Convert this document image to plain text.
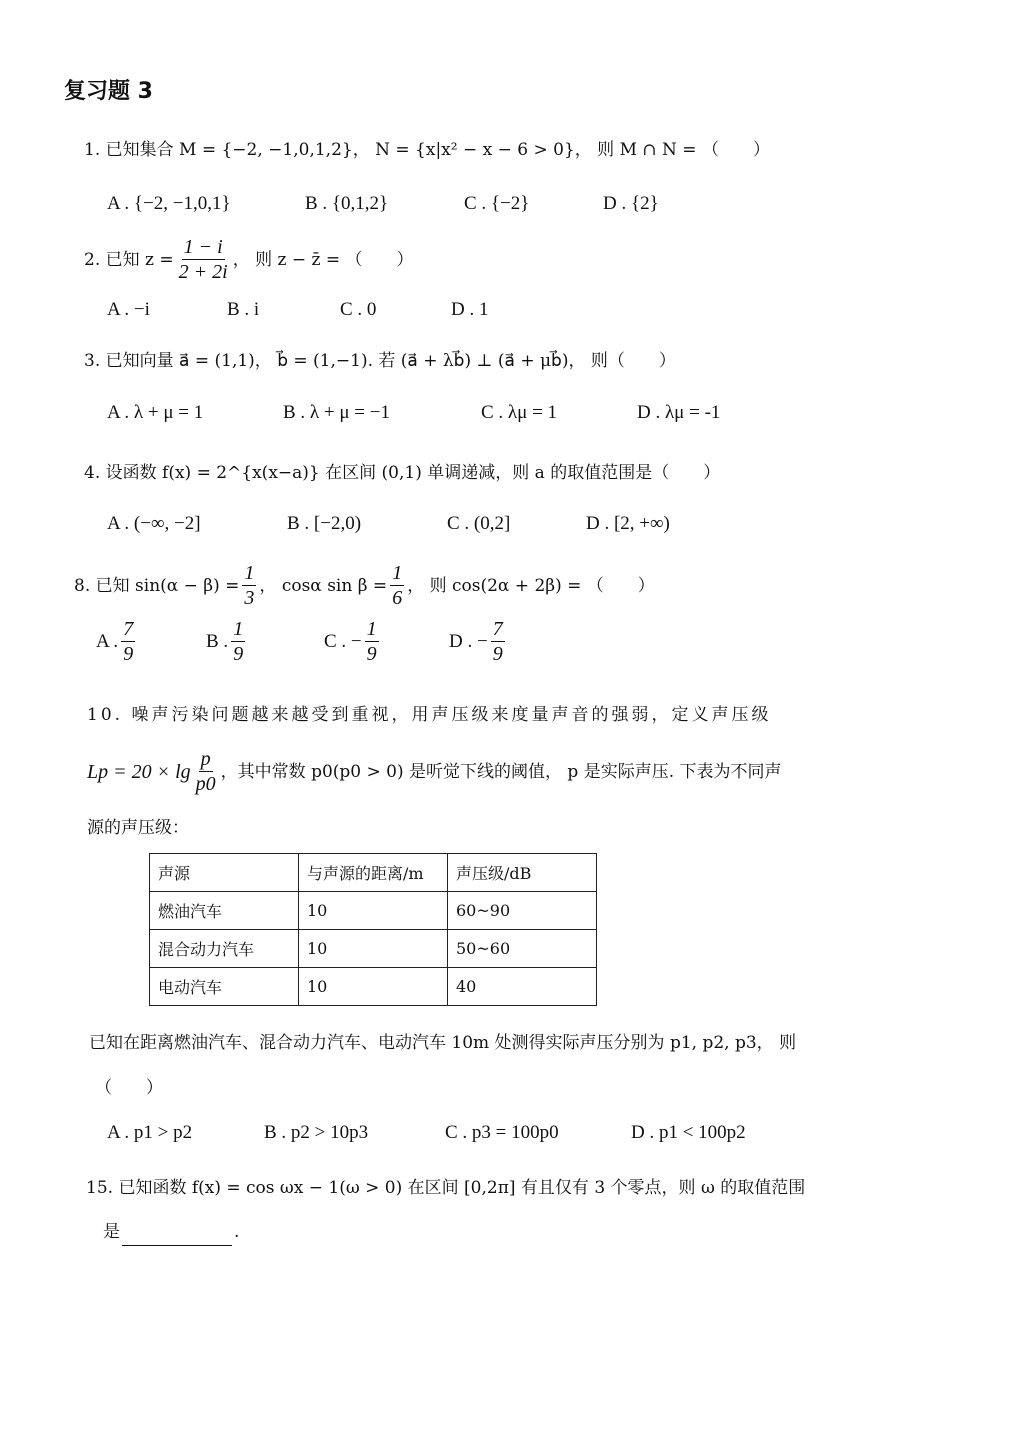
复习题 3
1. 已知集合 M = {−2, −1,0,1,2}， N = {x|x² − x − 6 > 0}， 则 M ∩ N = （　　）
A . {−2, −1,0,1}	B . {0,1,2}	C . {−2}	D . {2}
2. 已知 $z = \frac{1 - i}{2 + 2i}$ ， 则 z − z̄ = （　　）
A . −i	B . i	C . 0	D . 1
3. 已知向量 a⃗ = (1,1)， b⃗ = (1,−1). 若 (a⃗ + λb⃗) ⊥ (a⃗ + μb⃗)， 则（　　）
A . λ + μ = 1	B . λ + μ = −1	C . λμ = 1	D . λμ = -1
4. 设函数 f(x) = 2^{x(x−a)} 在区间 (0,1) 单调递减，则 a 的取值范围是（　　）
A . (−∞, −2]	B . [−2,0)	C . (0,2]	D . [2, +∞)
8. 已知 $\sin(\alpha - \beta) = \frac{1}{3}$ ， cosα $\sin \beta = \frac{1}{6}$ ， 则 cos(2α + 2β) = （　　）
A . $\frac{7}{9}$	B . $\frac{1}{9}$	C . − $\frac{1}{9}$	D . − $\frac{7}{9}$
10. 噪声污染问题越来越受到重视，用声压级来度量声音的强弱，定义声压级
$Lp = 20 \times \lg \frac{p}{p0}$ ，其中常数 p0(p0 > 0) 是听觉下线的阈值， p 是实际声压. 下表为不同声
源的声压级：
声源	与声源的距离/m	声压级/dB
燃油汽车	10	60~90
混合动力汽车	10	50~60
电动汽车	10	40
已知在距离燃油汽车、混合动力汽车、电动汽车 10m 处测得实际声压分别为 p1, p2, p3， 则
（　　）
A . p1 > p2	B . p2 > 10p3	C . p3 = 100p0	D . p1 < 100p2
15. 已知函数 f(x) = cos ωx − 1(ω > 0) 在区间 [0,2π] 有且仅有 3 个零点，则 ω 的取值范围
是	.
